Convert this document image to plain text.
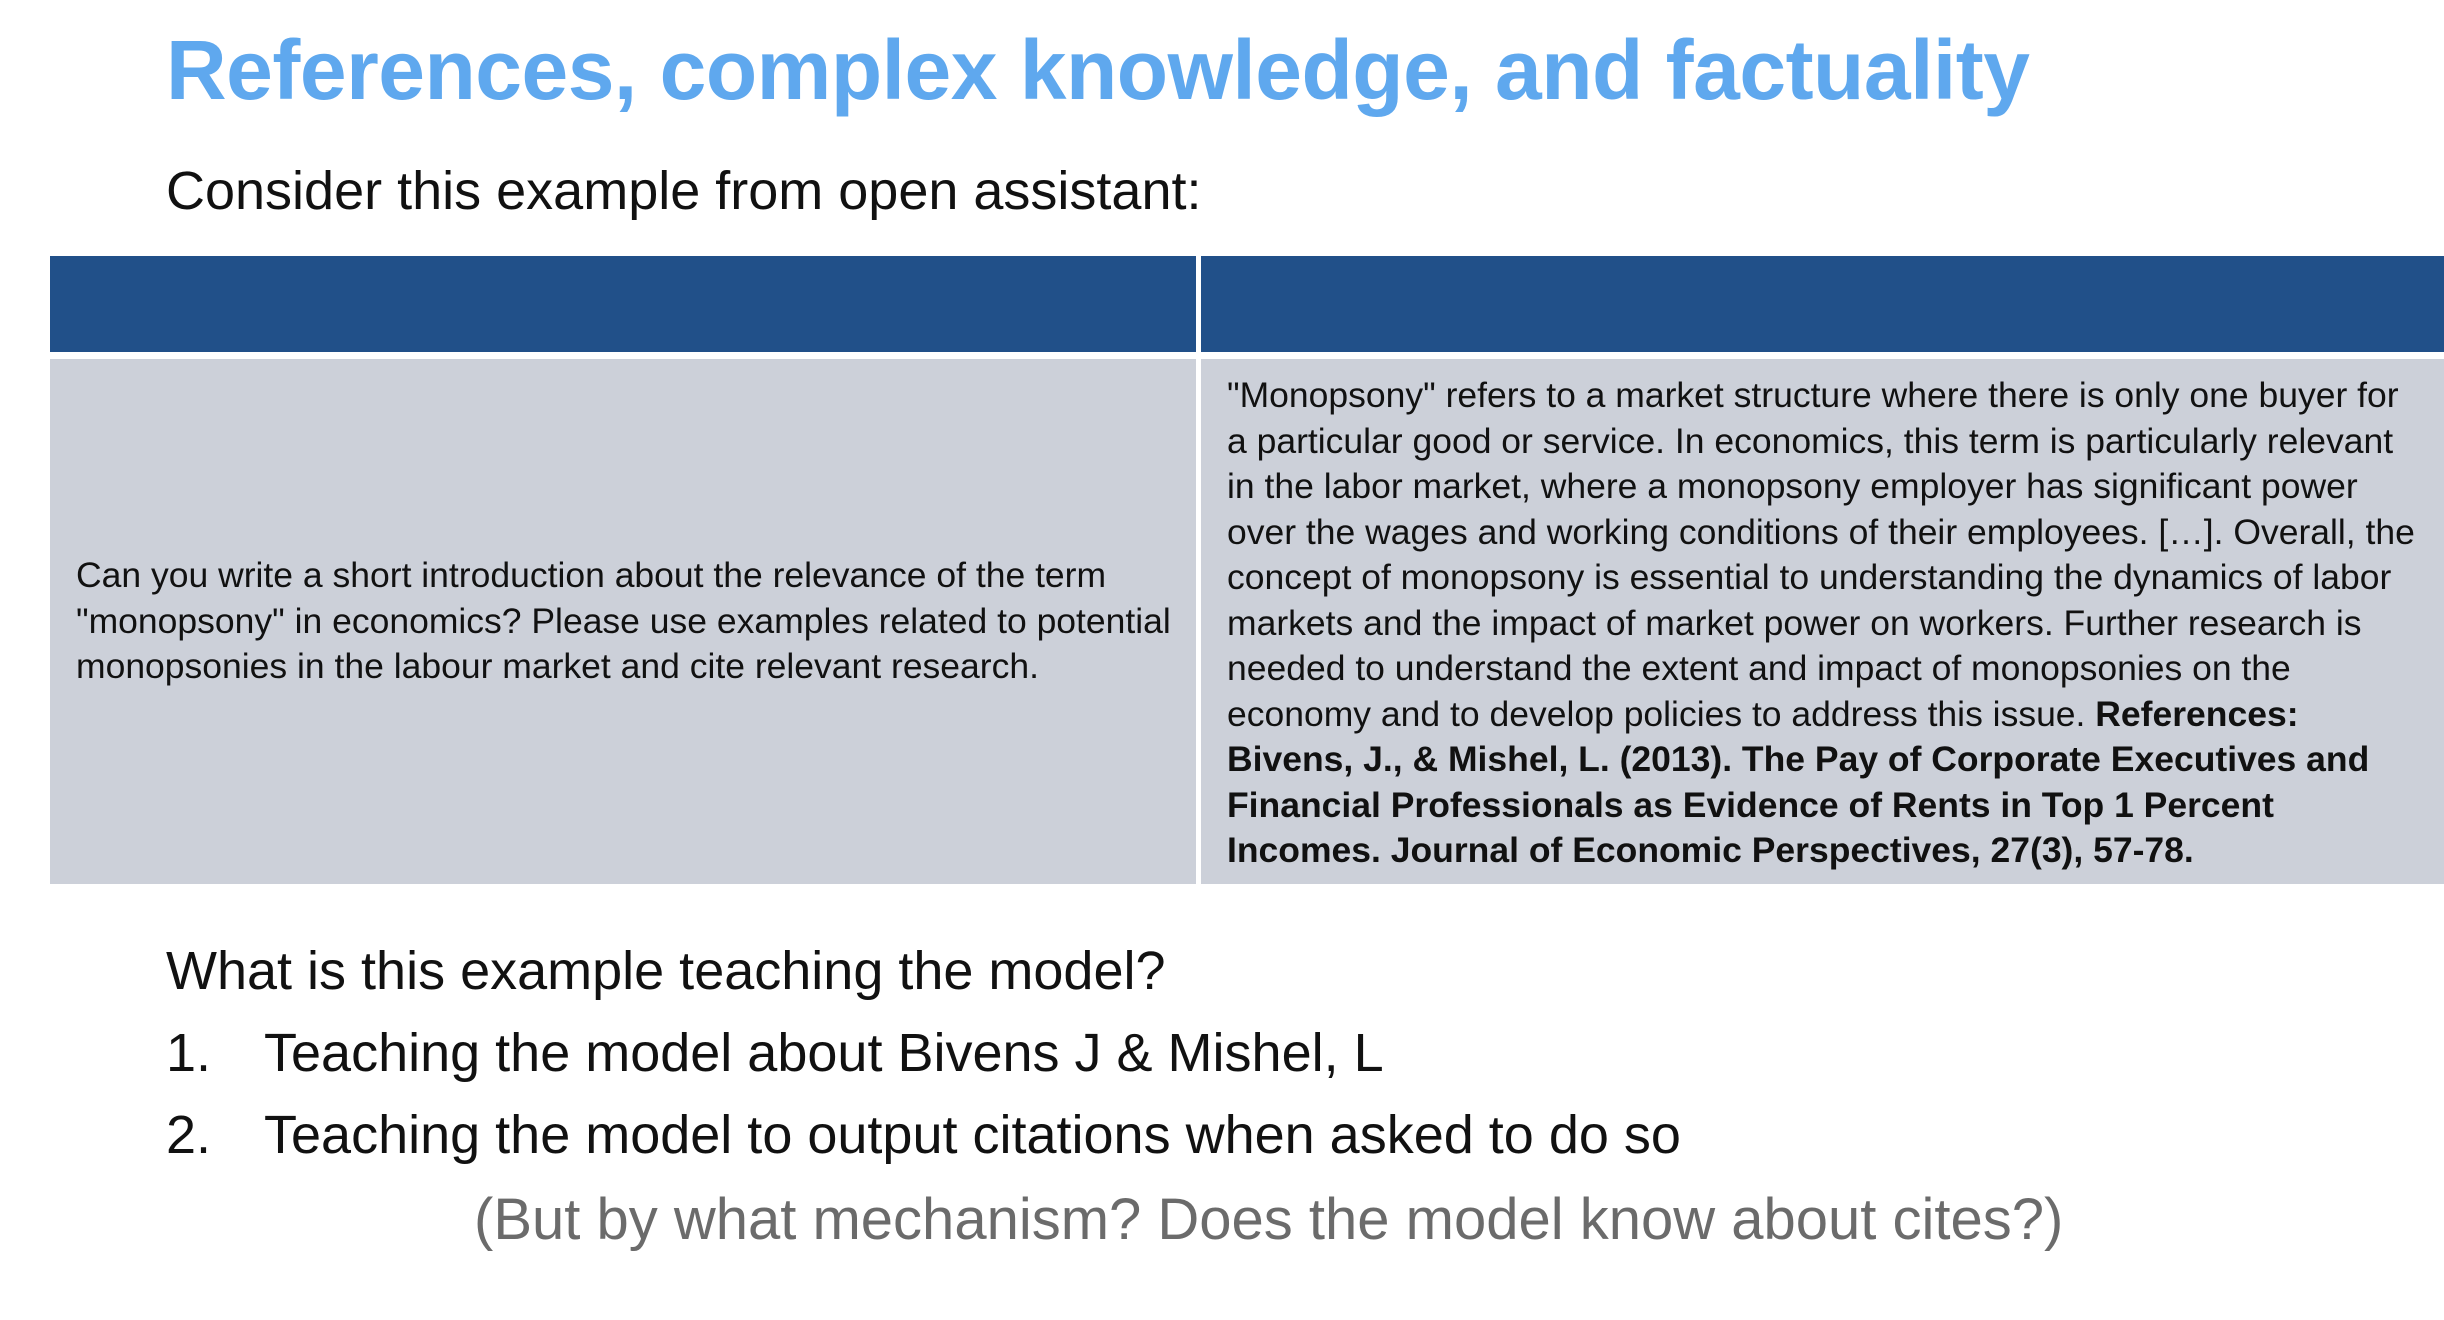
References, complex knowledge, and factuality
Consider this example from open assistant:

Can you write a short introduction about the relevance of the term "monopsony" in economics? Please use examples related to potential monopsonies in the labour market and cite relevant research.	"Monopsony" refers to a market structure where there is only one buyer for a particular good or service. In economics, this term is particularly relevant in the labor market, where a monopsony employer has significant power over the wages and working conditions of their employees. […]. Overall, the concept of monopsony is essential to understanding the dynamics of labor markets and the impact of market power on workers. Further research is needed to understand the extent and impact of monopsonies on the economy and to develop policies to address this issue. References: Bivens, J., & Mishel, L. (2013). The Pay of Corporate Executives and Financial Professionals as Evidence of Rents in Top 1 Percent Incomes. Journal of Economic Perspectives, 27(3), 57-78.
What is this example teaching the model?
1. Teaching the model about Bivens J & Mishel, L
2. Teaching the model to output citations when asked to do so
(But by what mechanism? Does the model know about cites?)
